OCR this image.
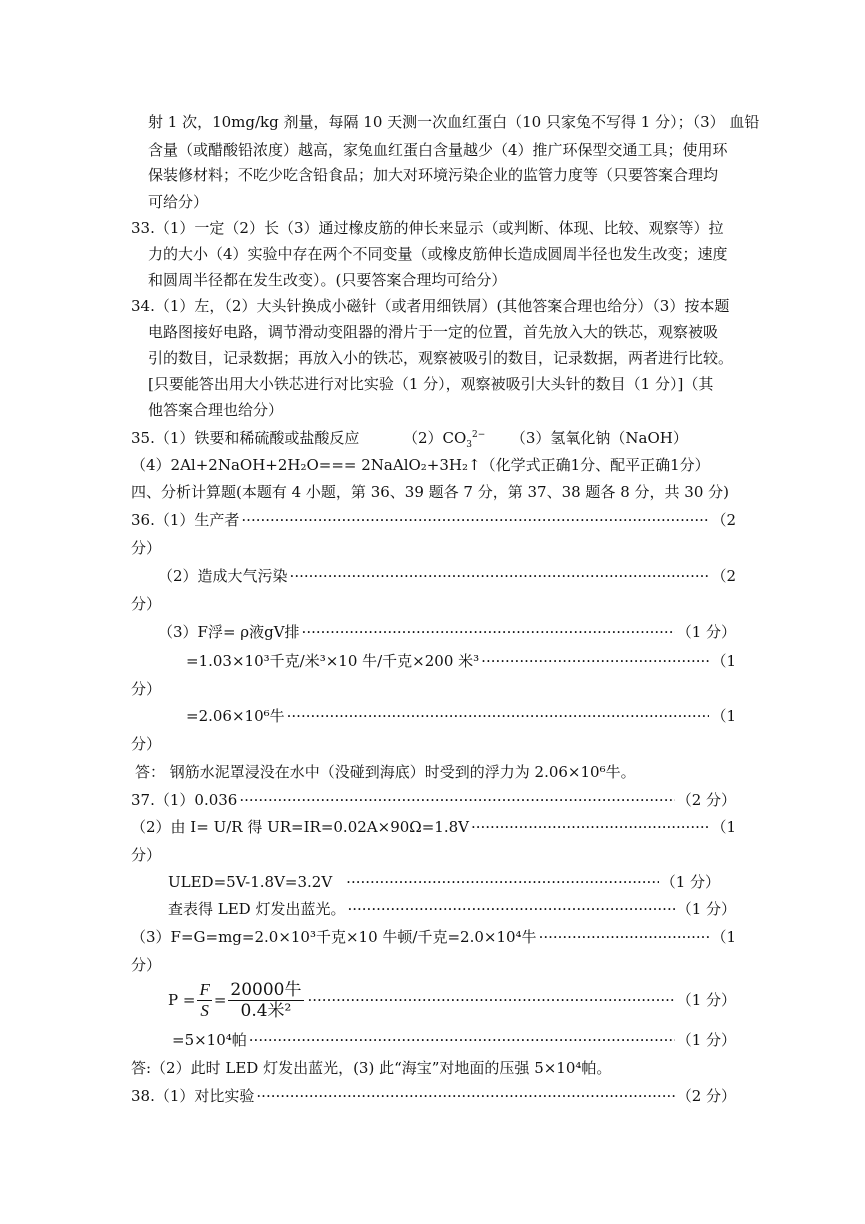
射 1 次，10mg/kg 剂量，每隔 10 天测一次血红蛋白（10 只家兔不写得 1 分）；（3） 血铅
含量（或醋酸铅浓度）越高，家兔血红蛋白含量越少（4）推广环保型交通工具；使用环
保装修材料；不吃少吃含铅食品；加大对环境污染企业的监管力度等（只要答案合理均
可给分）
33.（1）一定（2）长（3）通过橡皮筋的伸长来显示（或判断、体现、比较、观察等）拉
力的大小（4）实验中存在两个不同变量（或橡皮筋伸长造成圆周半径也发生改变；速度
和圆周半径都在发生改变）。(只要答案合理均可给分）
34.（1）左，（2）大头针换成小磁针（或者用细铁屑）(其他答案合理也给分）（3）按本题
电路图接好电路，调节滑动变阻器的滑片于一定的位置，首先放入大的铁芯，观察被吸
引的数目，记录数据；再放入小的铁芯，观察被吸引的数目，记录数据，两者进行比较。
[只要能答出用大小铁芯进行对比实验（1 分），观察被吸引大头针的数目（1 分）]（其
他答案合理也给分）
35.（1）铁要和稀硫酸或盐酸反应	$(2)CO_3^{2-}$ （3）氢氧化钠（NaOH）
（4）2Al+2NaOH+2H₂O=== 2NaAlO₂+3H₂↑（化学式正确1分、配平正确1分）
四、分析计算题(本题有 4 小题，第 36、39 题各 7 分，第 37、38 题各 8 分，共 30 分)
36.（1）生产者 ·····	（2
分）
（2）造成大气污染 ·····	（2
分）
（3）F浮= ρ液gV排 ·····	（1 分）
=1.03×10³千克/米³×10 牛/千克×200 米³ ·····	（1
分）
=2.06×10⁶牛 ·····	（1
分）
答： 钢筋水泥罩浸没在水中（没碰到海底）时受到的浮力为 2.06×10⁶牛。
37.（1）0.036 ·····	（2 分）
（2）由 I= U/R 得 UR=IR=0.02A×90Ω=1.8V ·····	（1
分）
ULED=5V-1.8V=3.2V ·····	（1 分）
查表得 LED 灯发出蓝光。 ·····	（1 分）
（3）F=G=mg=2.0×10³千克×10 牛顿/千克=2.0×10⁴牛 ·····	（1
分）
$P = \frac{F}{S} = \frac{\text{20000牛}}{\text{0.4米²}}$ ·····	（1 分）
=5×10⁴帕 ·····	（1 分）
答:（2）此时 LED 灯发出蓝光，(3) 此“海宝”对地面的压强 5×10⁴帕。
38.（1）对比实验 ·····	（2 分）
